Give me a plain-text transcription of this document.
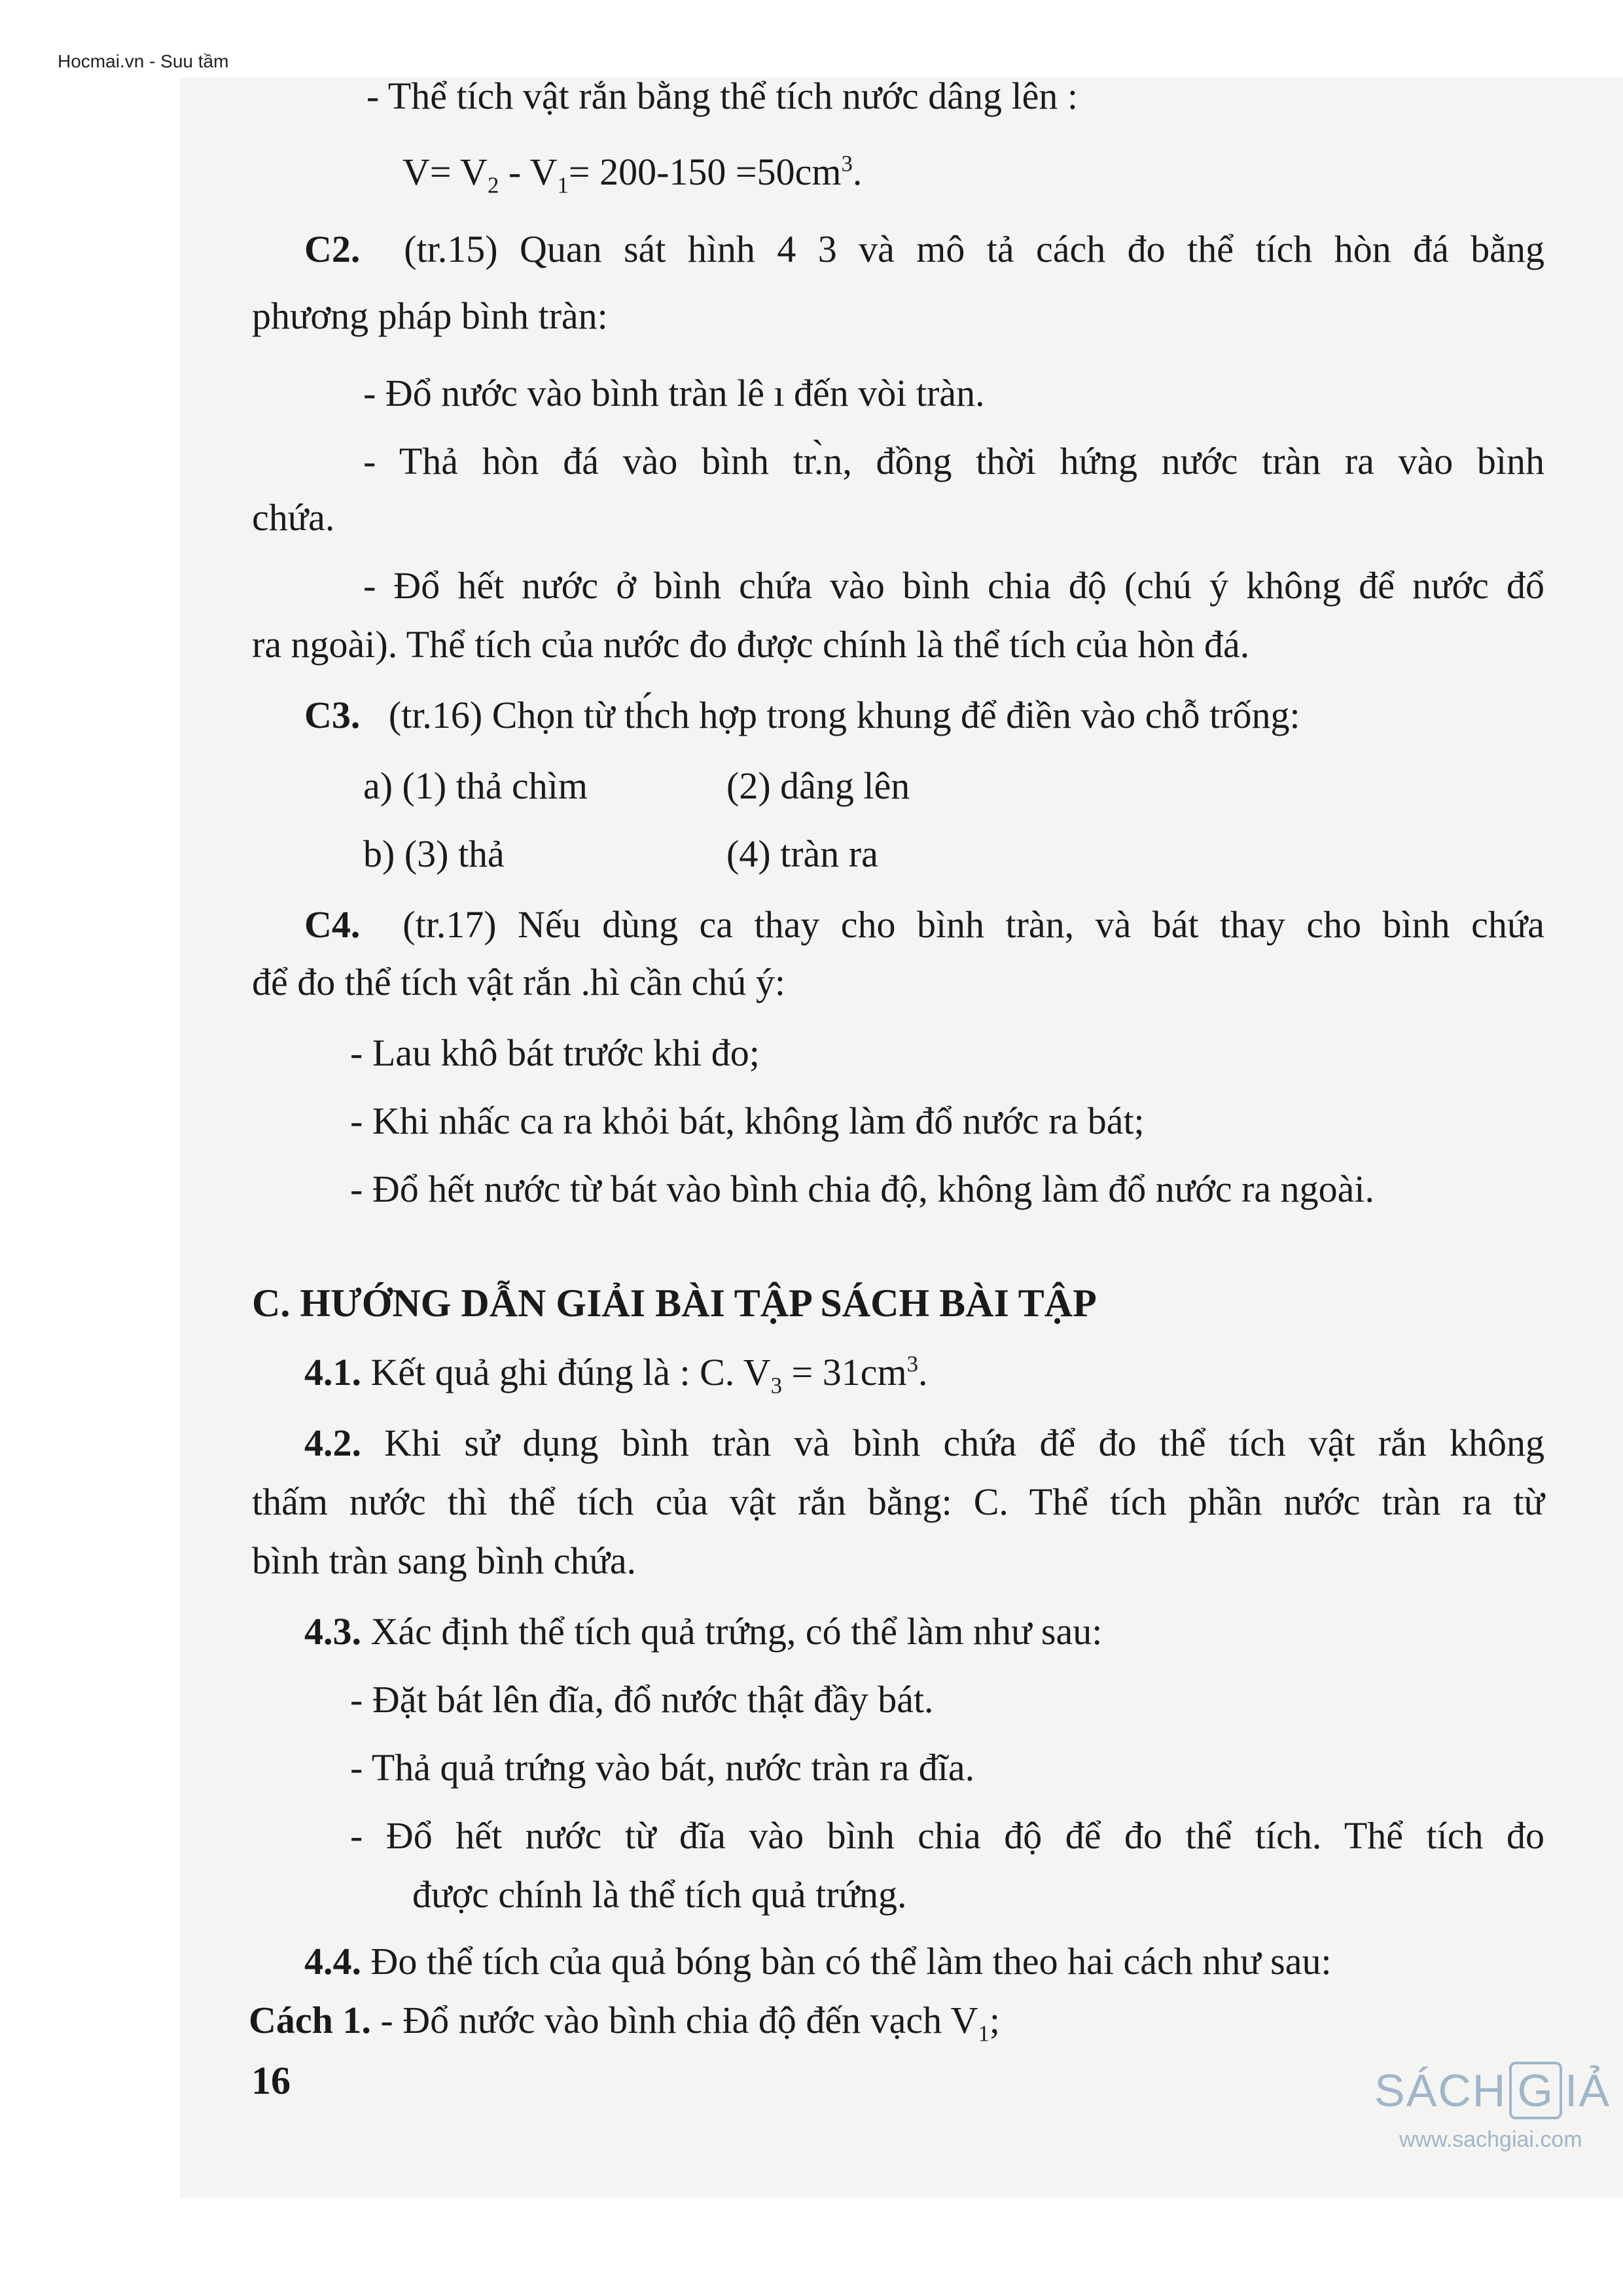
Hocmai.vn - Suu tầm
- Thể tích vật rắn bằng thể tích nước dâng lên :
$V= V_2 - V_1= 200-150 =50cm^3$.
C2. (tr.15) Quan sát hình 4 3 và mô tả cách đo thể tích hòn đá bằng
phương pháp bình tràn:
- Đổ nước vào bình tràn lê ı đến vòi tràn.
- Thả hòn đá vào bình tr.̀n, đồng thời hứng nước tràn ra vào bình
chứa.
- Đổ hết nước ở bình chứa vào bình chia độ (chú ý không để nước đổ
ra ngoài). Thể tích của nước đo được chính là thể tích của hòn đá.
C3. (tr.16) Chọn từ th́ch hợp trong khung để điền vào chỗ trống:
a) (1) thả chìm	(2) dâng lên
b) (3) thả	(4) tràn ra
C4. (tr.17) Nếu dùng ca thay cho bình tràn, và bát thay cho bình chứa
để đo thể tích vật rắn .hì cần chú ý:
- Lau khô bát trước khi đo;
- Khi nhấc ca ra khỏi bát, không làm đổ nước ra bát;
- Đổ hết nước từ bát vào bình chia độ, không làm đổ nước ra ngoài.
C. HƯỚNG DẪN GIẢI BÀI TẬP SÁCH BÀI TẬP
4.1. Kết quả ghi đúng là : C. $V_3 = 31cm^3$.
4.2. Khi sử dụng bình tràn và bình chứa để đo thể tích vật rắn không
thấm nước thì thể tích của vật rắn bằng: C. Thể tích phần nước tràn ra từ
bình tràn sang bình chứa.
4.3. Xác định thể tích quả trứng, có thể làm như sau:
- Đặt bát lên đĩa, đổ nước thật đầy bát.
- Thả quả trứng vào bát, nước tràn ra đĩa.
- Đổ hết nước từ đĩa vào bình chia độ để đo thể tích. Thể tích đo
được chính là thể tích quả trứng.
4.4. Đo thể tích của quả bóng bàn có thể làm theo hai cách như sau:
Cách 1. - Đổ nước vào bình chia độ đến vạch $V_1$;
16	SÁCH G IẢ
www.sachgiai.com
